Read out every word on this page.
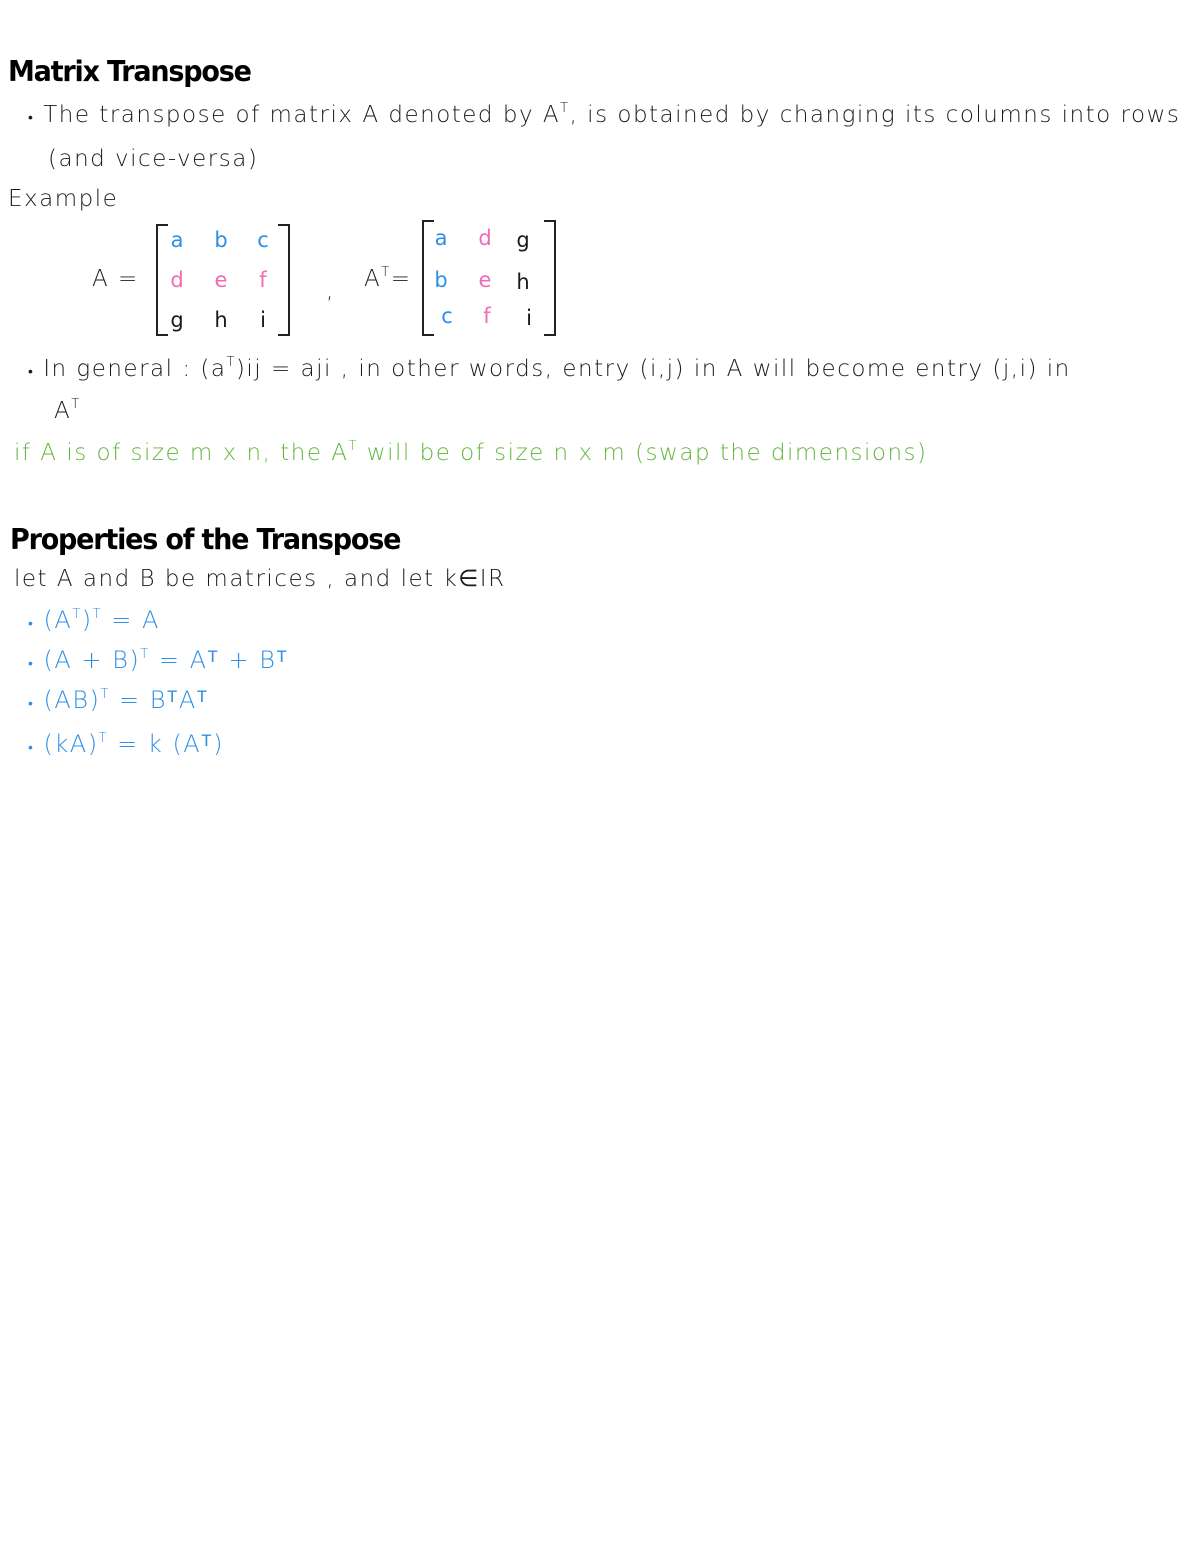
Matrix Transpose
• The transpose of matrix A denoted by $A^T$, is obtained by changing its columns into rows
(and vice-versa)
Example
A =
a	b	c
d	e	f
g	h	i
, $A^T=$
a	d	g
b	e	h
c	f	i
• In general : $(a^T)ij$ = aji , in other words, entry (i,j) in A will become entry (j,i) in
$A^T$
if A is of size m x n, the $A^T$ will be of size n x m (swap the dimensions)
Properties of the Transpose
let A and B be matrices , and let k∈IR
• $(A^T)^T = A$
• $(A + B)^T$ = Aᵀ + Bᵀ
• (AB)$^T$ = BᵀAᵀ
• (kA)$^T$ = k (Aᵀ)
